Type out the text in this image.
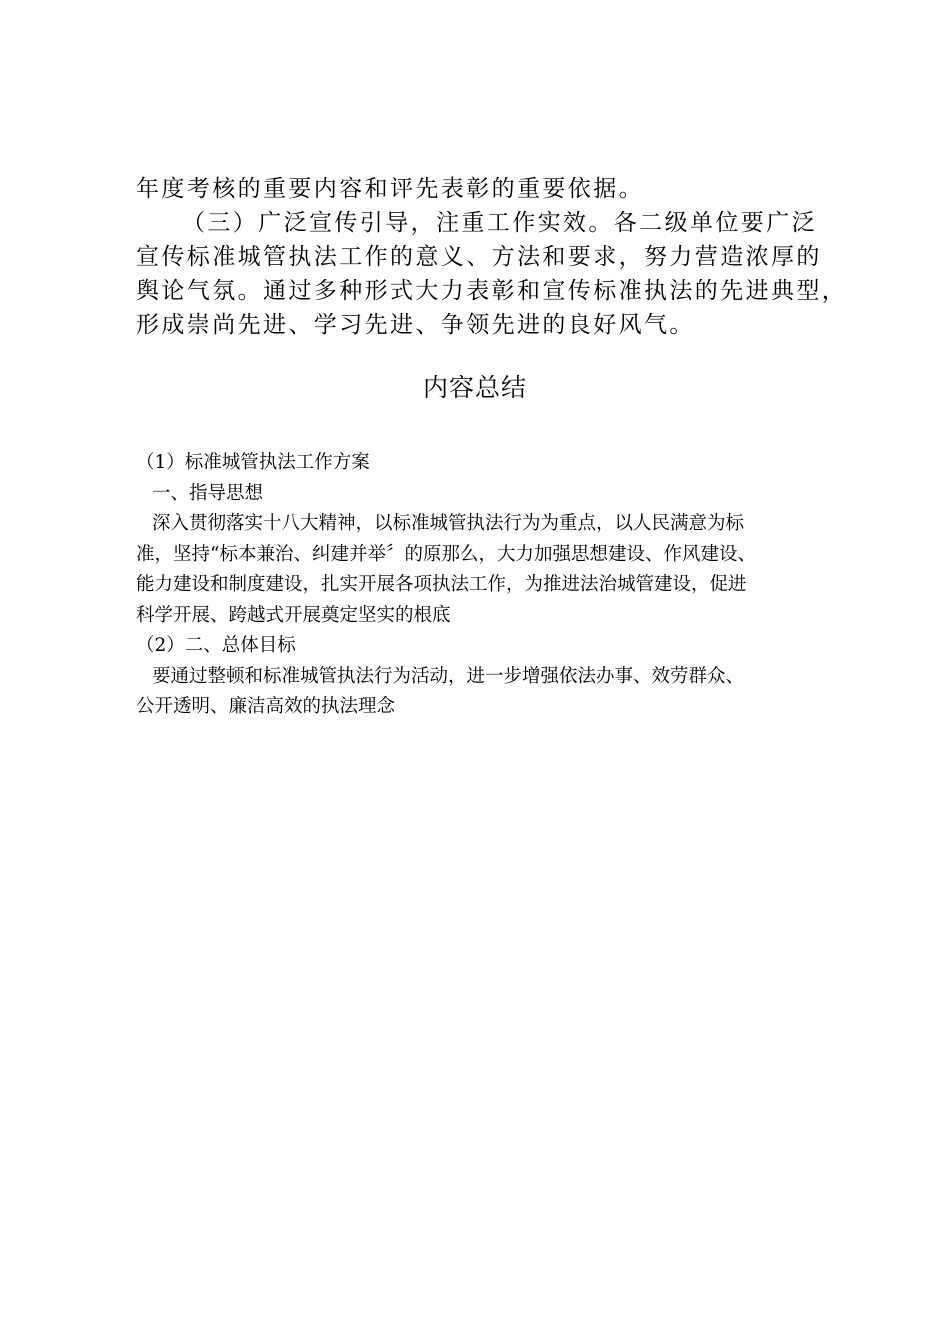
年度考核的重要内容和评先表彰的重要依据。

（三）广泛宣传引导，注重工作实效。各二级单位要广泛
宣传标准城管执法工作的意义、方法和要求，努力营造浓厚的
舆论气氛。通过多种形式大力表彰和宣传标准执法的先进典型，
形成崇尚先进、学习先进、争领先进的良好风气。

内容总结
（1）标准城管执法工作方案
一、指导思想
深入贯彻落实十八大精神，以标准城管执法行为为重点，以人民满意为标
准，坚持“标本兼治、纠建并举〞的原那么，大力加强思想建设、作风建设、
能力建设和制度建设，扎实开展各项执法工作，为推进法治城管建设，促进
科学开展、跨越式开展奠定坚实的根底
（2）二、总体目标
要通过整顿和标准城管执法行为活动，进一步增强依法办事、效劳群众、
公开透明、廉洁高效的执法理念
